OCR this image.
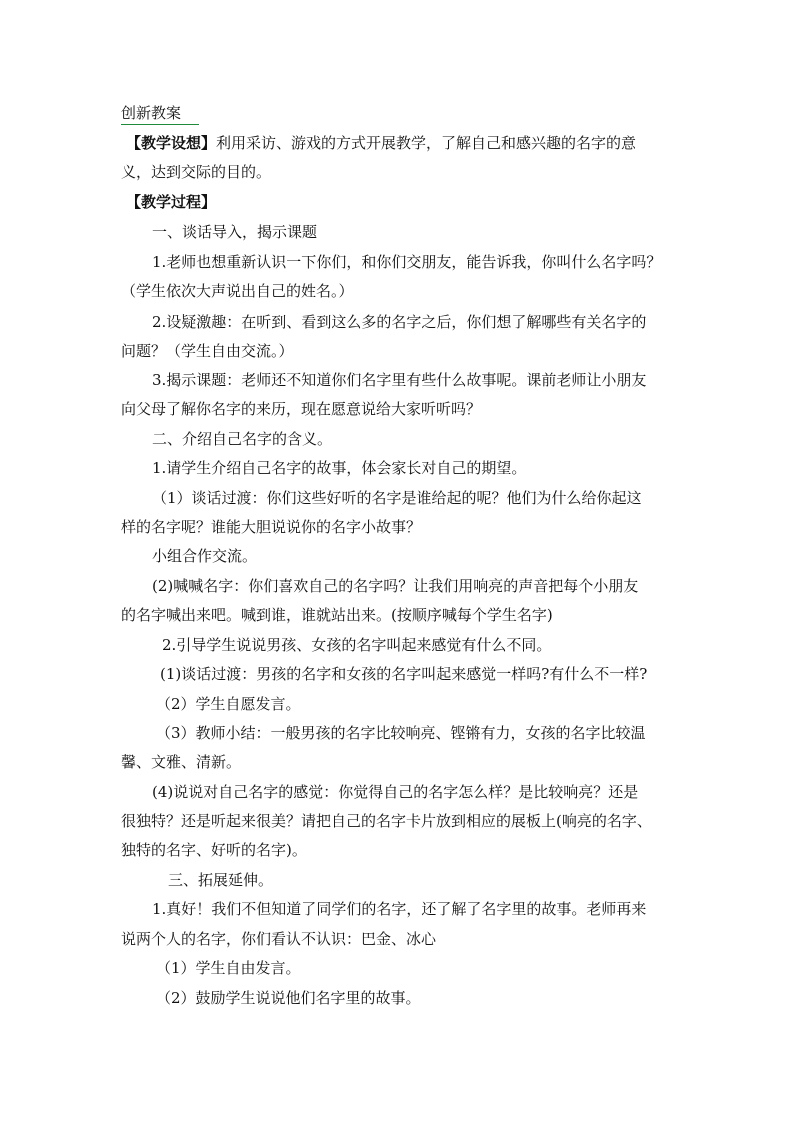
创新教案
【教学设想】利用采访、游戏的方式开展教学，了解自己和感兴趣的名字的意
义，达到交际的目的。
【教学过程】
一、谈话导入，揭示课题
1.老师也想重新认识一下你们，和你们交朋友，能告诉我，你叫什么名字吗？
（学生依次大声说出自己的姓名。）
2.设疑激趣：在听到、看到这么多的名字之后，你们想了解哪些有关名字的
问题？（学生自由交流。）
3.揭示课题：老师还不知道你们名字里有些什么故事呢。课前老师让小朋友
向父母了解你名字的来历，现在愿意说给大家听听吗？
二、介绍自己名字的含义。
1.请学生介绍自己名字的故事，体会家长对自己的期望。
（1）谈话过渡：你们这些好听的名字是谁给起的呢？他们为什么给你起这
样的名字呢？谁能大胆说说你的名字小故事？
小组合作交流。
(2)喊喊名字：你们喜欢自己的名字吗？让我们用响亮的声音把每个小朋友
的名字喊出来吧。喊到谁，谁就站出来。(按顺序喊每个学生名字)
2.引导学生说说男孩、女孩的名字叫起来感觉有什么不同。
(1)谈话过渡：男孩的名字和女孩的名字叫起来感觉一样吗?有什么不一样?
（2）学生自愿发言。
（3）教师小结：一般男孩的名字比较响亮、铿锵有力，女孩的名字比较温
馨、文雅、清新。
(4)说说对自己名字的感觉：你觉得自己的名字怎么样？是比较响亮？还是
很独特？还是听起来很美？请把自己的名字卡片放到相应的展板上(响亮的名字、
独特的名字、好听的名字)。
三、拓展延伸。
1.真好！我们不但知道了同学们的名字，还了解了名字里的故事。老师再来
说两个人的名字，你们看认不认识：巴金、冰心
（1）学生自由发言。
（2）鼓励学生说说他们名字里的故事。
